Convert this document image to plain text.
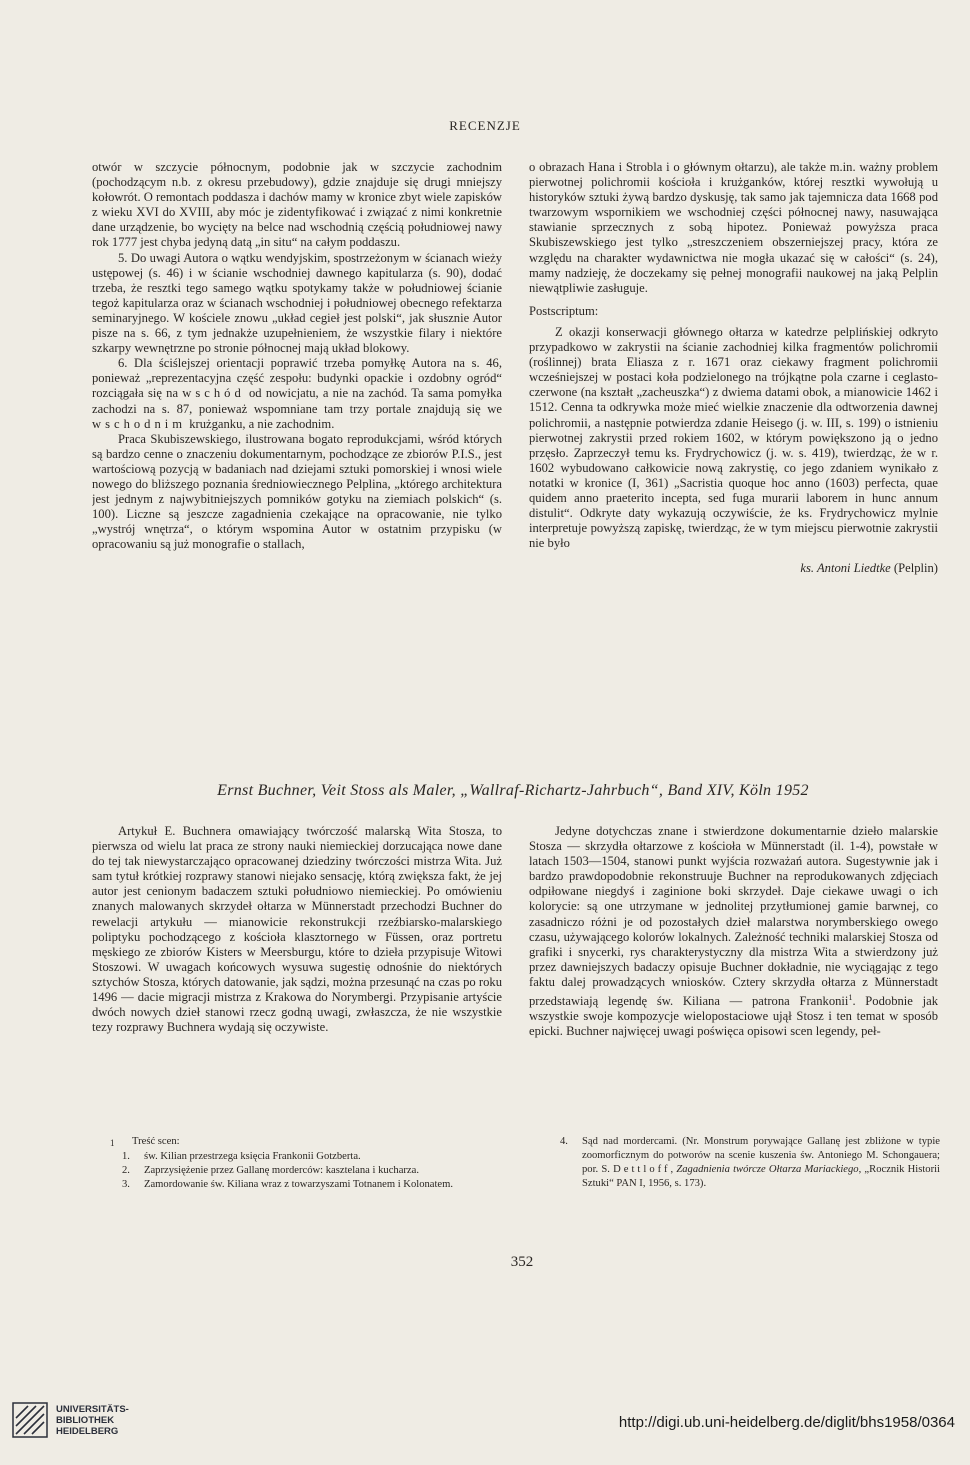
RECENZJE

otwór w szczycie północnym, podobnie jak w szczycie zachodnim (pochodzącym n.b. z okresu przebudowy), gdzie znajduje się drugi mniejszy kołowrót. O remontach poddasza i dachów mamy w kronice zbyt wiele zapisków z wieku XVI do XVIII, aby móc je zidentyfikować i związać z nimi konkretnie dane urządzenie, bo wycięty na belce nad wschodnią częścią południowej nawy rok 1777 jest chyba jedyną datą „in situ“ na całym poddaszu.

5. Do uwagi Autora o wątku wendyjskim, spostrzeżonym w ścianach wieży ustępowej (s. 46) i w ścianie wschodniej dawnego kapitularza (s. 90), dodać trzeba, że resztki tego samego wątku spotykamy także w południowej ścianie tegoż kapitularza oraz w ścianach wschodniej i południowej obecnego refektarza seminaryjnego. W kościele znowu „układ cegieł jest polski“, jak słusznie Autor pisze na s. 66, z tym jednakże uzupełnieniem, że wszystkie filary i niektóre szkarpy wewnętrzne po stronie północnej mają układ blokowy.

6. Dla ściślejszej orientacji poprawić trzeba pomyłkę Autora na s. 46, ponieważ „reprezentacyjna część zespołu: budynki opackie i ozdobny ogród“ rozciągała się na wschód od nowicjatu, a nie na zachód. Ta sama pomyłka zachodzi na s. 87, ponieważ wspomniane tam trzy portale znajdują się we wschodnim krużganku, a nie zachodnim.

Praca Skubiszewskiego, ilustrowana bogato reprodukcjami, wśród których są bardzo cenne o znaczeniu dokumentarnym, pochodzące ze zbiorów P.I.S., jest wartościową pozycją w badaniach nad dziejami sztuki pomorskiej i wnosi wiele nowego do bliższego poznania średniowiecznego Pelplina, „którego architektura jest jednym z najwybitniejszych pomników gotyku na ziemiach polskich“ (s. 100). Liczne są jeszcze zagadnienia czekające na opracowanie, nie tylko „wystrój wnętrza“, o którym wspomina Autor w ostatnim przypisku (w opracowaniu są już monografie o stallach,

o obrazach Hana i Strobla i o głównym ołtarzu), ale także m.in. ważny problem pierwotnej polichromii kościoła i krużganków, której resztki wywołują u historyków sztuki żywą bardzo dyskusję, tak samo jak tajemnicza data 1668 pod twarzowym wspornikiem we wschodniej części północnej nawy, nasuwająca stawianie sprzecznych z sobą hipotez. Ponieważ powyższa praca Skubiszewskiego jest tylko „streszczeniem obszerniejszej pracy, która ze względu na charakter wydawnictwa nie mogła ukazać się w całości“ (s. 24), mamy nadzieję, że doczekamy się pełnej monografii naukowej na jaką Pelplin niewątpliwie zasługuje.

Postscriptum:

Z okazji konserwacji głównego ołtarza w katedrze pelplińskiej odkryto przypadkowo w zakrystii na ścianie zachodniej kilka fragmentów polichromii (roślinnej) brata Eliasza z r. 1671 oraz ciekawy fragment polichromii wcześniejszej w postaci koła podzielonego na trójkątne pola czarne i ceglasto-czerwone (na kształt „zacheuszka“) z dwiema datami obok, a mianowicie 1462 i 1512. Cenna ta odkrywka może mieć wielkie znaczenie dla odtworzenia dawnej polichromii, a następnie potwierdza zdanie Heisego (j. w. III, s. 199) o istnieniu pierwotnej zakrystii przed rokiem 1602, w którym powiększono ją o jedno przęsło. Zaprzeczył temu ks. Frydrychowicz (j. w. s. 419), twierdząc, że w r. 1602 wybudowano całkowicie nową zakrystię, co jego zdaniem wynikało z notatki w kronice (I, 361) „Sacristia quoque hoc anno (1603) perfecta, quae quidem anno praeterito incepta, sed fuga murarii laborem in hunc annum distulit“. Odkryte daty wykazują oczywiście, że ks. Frydrychowicz mylnie interpretuje powyższą zapiskę, twierdząc, że w tym miejscu pierwotnie zakrystii nie było

ks. Antoni Liedtke (Pelplin)

Ernst Buchner, Veit Stoss als Maler, „Wallraf-Richartz-Jahrbuch“, Band XIV, Köln 1952

Artykuł E. Buchnera omawiający twórczość malarską Wita Stosza, to pierwsza od wielu lat praca ze strony nauki niemieckiej dorzucająca nowe dane do tej tak niewystarczająco opracowanej dziedziny twórczości mistrza Wita. Już sam tytuł krótkiej rozprawy stanowi niejako sensację, którą zwiększa fakt, że jej autor jest cenionym badaczem sztuki południowo niemieckiej. Po omówieniu znanych malowanych skrzydeł ołtarza w Münnerstadt przechodzi Buchner do rewelacji artykułu — mianowicie rekonstrukcji rzeźbiarsko-malarskiego poliptyku pochodzącego z kościoła klasztornego w Füssen, oraz portretu męskiego ze zbiorów Kisters w Meersburgu, które to dzieła przypisuje Witowi Stoszowi. W uwagach końcowych wysuwa sugestię odnośnie do niektórych sztychów Stosza, których datowanie, jak sądzi, można przesunąć na czas po roku 1496 — dacie migracji mistrza z Krakowa do Norymbergi. Przypisanie artyście dwóch nowych dzieł stanowi rzecz godną uwagi, zwłaszcza, że nie wszystkie tezy rozprawy Buchnera wydają się oczywiste.

Jedyne dotychczas znane i stwierdzone dokumentarnie dzieło malarskie Stosza — skrzydła ołtarzowe z kościoła w Münnerstadt (il. 1-4), powstałe w latach 1503—1504, stanowi punkt wyjścia rozważań autora. Sugestywnie jak i bardzo prawdopodobnie rekonstruuje Buchner na reprodukowanych zdjęciach odpiłowane niegdyś i zaginione boki skrzydeł. Daje ciekawe uwagi o ich kolorycie: są one utrzymane w jednolitej przytłumionej gamie barwnej, co zasadniczo różni je od pozostałych dzieł malarstwa norymberskiego owego czasu, używającego kolorów lokalnych. Zależność techniki malarskiej Stosza od grafiki i snycerki, rys charakterystyczny dla mistrza Wita a stwierdzony już przez dawniejszych badaczy opisuje Buchner dokładnie, nie wyciągając z tego faktu dalej prowadzących wniosków. Cztery skrzydła ołtarza z Münnerstadt przedstawiają legendę św. Kiliana — patrona Frankonii$^1$. Podobnie jak wszystkie swoje kompozycje wielopostaciowe ujął Stosz i ten temat w sposób epicki. Buchner najwięcej uwagi poświęca opisowi scen legendy, peł-

1	Treść scen:
1.	św. Kilian przestrzega księcia Frankonii Gotzberta.
2.	Zaprzysiężenie przez Gallanę morderców: kasztelana i kucharza.
3.	Zamordowanie św. Kiliana wraz z towarzyszami Totnanem i Kolonatem.
4.	Sąd nad mordercami. (Nr. Monstrum porywające Gallanę jest zbliżone w typie zoomorficznym do potworów na scenie kuszenia św. Antoniego M. Schongauera; por. S. Dettloff, Zagadnienia twórcze Ołtarza Mariackiego, „Rocznik Historii Sztuki“ PAN I, 1956, s. 173).
352
UNIVERSITÄTS-
BIBLIOTHEK
HEIDELBERG	http://digi.ub.uni-heidelberg.de/diglit/bhs1958/0364
